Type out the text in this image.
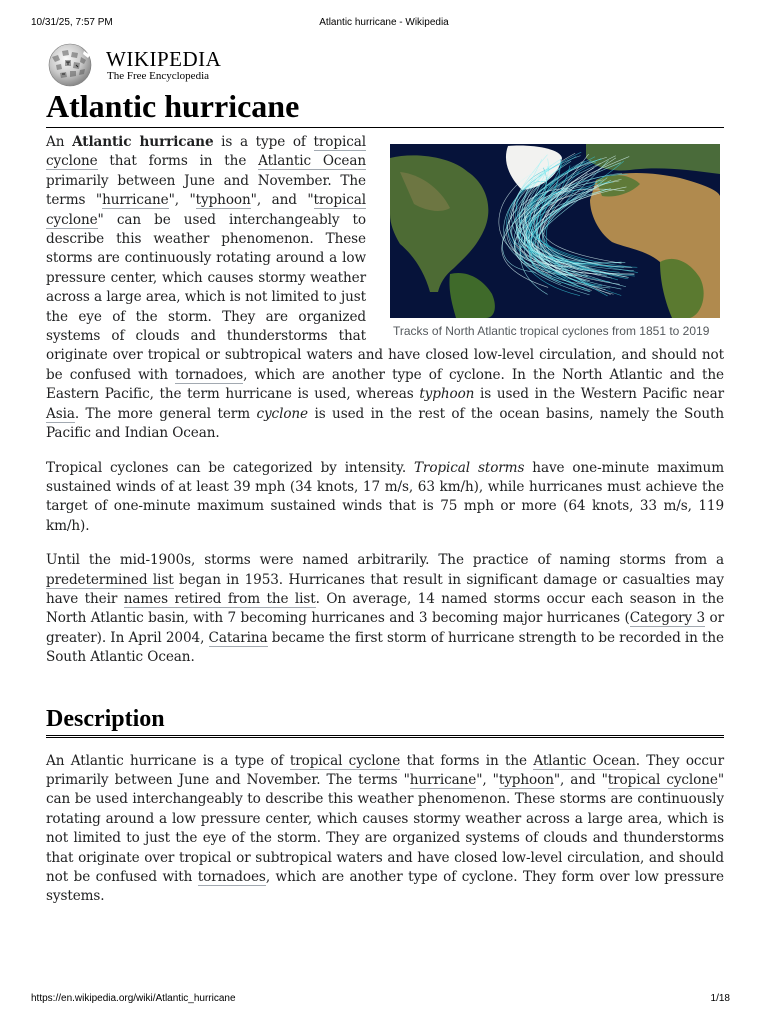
10/31/25, 7:57 PM	Atlantic hurricane - Wikipedia
WIKIPEDIA
The Free Encyclopedia
Atlantic hurricane
Tracks of North Atlantic tropical cyclones from 1851 to 2019

An Atlantic hurricane is a type of tropical cyclone that forms in the Atlantic Ocean primarily between June and November. The terms "hurricane", "typhoon", and "tropical cyclone" can be used interchangeably to describe this weather phenomenon. These storms are continuously rotating around a low pressure center, which causes stormy weather across a large area, which is not limited to just the eye of the storm. They are organized systems of clouds and thunderstorms that originate over tropical or subtropical waters and have closed low-level circulation, and should not be confused with tornadoes, which are another type of cyclone. In the North Atlantic and the Eastern Pacific, the term hurricane is used, whereas typhoon is used in the Western Pacific near Asia. The more general term cyclone is used in the rest of the ocean basins, namely the South Pacific and Indian Ocean.

Tropical cyclones can be categorized by intensity. Tropical storms have one-minute maximum sustained winds of at least 39 mph (34 knots, 17 m/s, 63 km/h), while hurricanes must achieve the target of one-minute maximum sustained winds that is 75 mph or more (64 knots, 33 m/s, 119 km/h).

Until the mid-1900s, storms were named arbitrarily. The practice of naming storms from a predetermined list began in 1953. Hurricanes that result in significant damage or casualties may have their names retired from the list. On average, 14 named storms occur each season in the North Atlantic basin, with 7 becoming hurricanes and 3 becoming major hurricanes (Category 3 or greater). In April 2004, Catarina became the first storm of hurricane strength to be recorded in the South Atlantic Ocean.

Description

An Atlantic hurricane is a type of tropical cyclone that forms in the Atlantic Ocean. They occur primarily between June and November. The terms "hurricane", "typhoon", and "tropical cyclone" can be used interchangeably to describe this weather phenomenon. These storms are continuously rotating around a low pressure center, which causes stormy weather across a large area, which is not limited to just the eye of the storm. They are organized systems of clouds and thunderstorms that originate over tropical or subtropical waters and have closed low-level circulation, and should not be confused with tornadoes, which are another type of cyclone. They form over low pressure systems.

https://en.wikipedia.org/wiki/Atlantic_hurricane	1/18
